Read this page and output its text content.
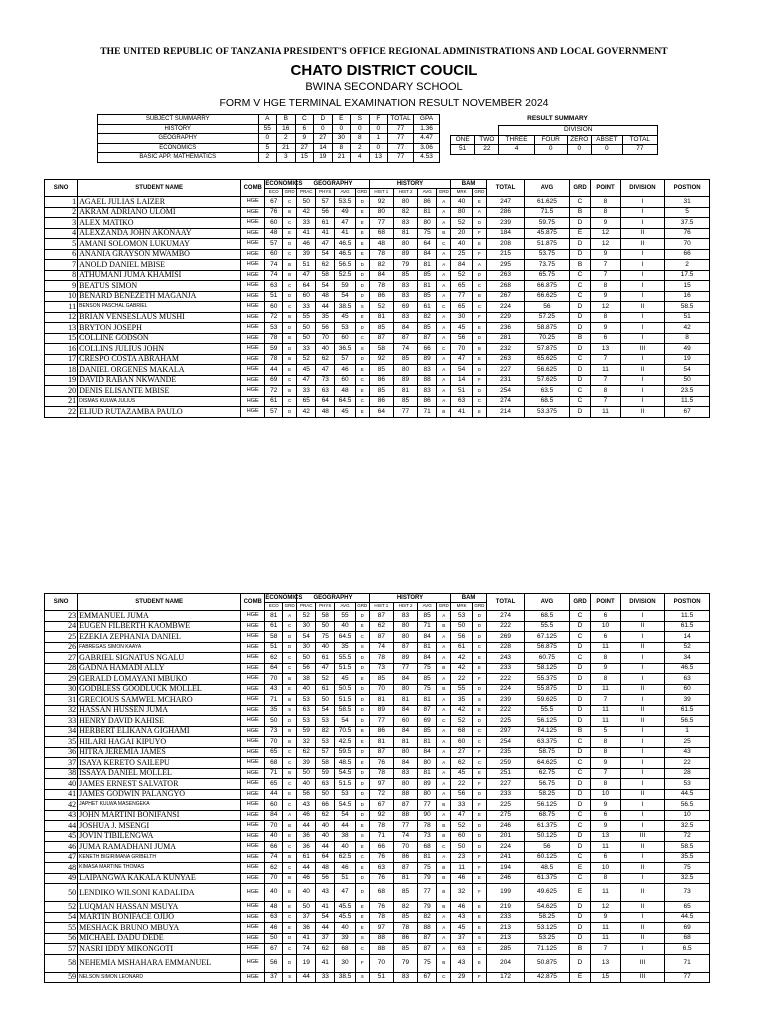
THE UNITED REPUBLIC OF TANZANIA PRESIDENT'S OFFICE REGIONAL ADMINISTRATIONS AND LOCAL GOVERNMENT
CHATO DISTRICT COUCIL
BWINA SECONDARY SCHOOL
FORM V HGE TERMINAL EXAMINATION RESULT NOVEMBER 2024
SUBJECT SUMMARRY	A	B	C	D	E	S	F	TOTAL	GPA
HISTORY	55	16	6	0	0	0	0	77	1.36
GEOGRAPHY	0	2	9	27	30	8	1	77	4.47
ECONOMICS	5	21	27	14	8	2	0	77	3.06
BASIC APP. MATHEMATICS	2	3	15	19	21	4	13	77	4.53
RESULT SUMMARY
		DIVISION				
ONE	TWO	THREE	FOUR	ZERO	ABSET	TOTAL
51	22	4	0	0	0	77
S/NO	STUDENT NAME	COMB	ECONOMICS		GEOGRAPHY				HISTORY				BAM		TOTAL	AVG	GRD	POINT	DIVISION	POSTION
			ECO	GRD	PRAC	PHYS	AVG	GRD	HIST 1	HIST 2	AVG	GRD	MRK	GRD						
1	AGAEL JULIAS LAIZER	HGE	67	C	50	57	53.5	D	92	80	86	A	40	E	247	61.625	C	8	I	31
2	AKRAM ADRIANO ULOMI	HGE	76	B	42	56	49	E	80	82	81	A	80	A	286	71.5	B	8	I	5
3	ALEX MATIKO	HGE	60	C	33	61	47	E	77	83	80	A	52	D	239	59.75	D	9	I	37.5
4	ALEXZANDA JOHN AKONAAY	HGE	48	E	41	41	41	E	68	81	75	B	20	F	184	45.875	E	12	II	76
5	AMANI SOLOMON LUKUMAY	HGE	57	D	46	47	46.5	E	48	80	64	C	40	E	208	51.875	D	12	II	70
6	ANANIA GRAYSON MWAMBO	HGE	60	C	39	54	46.5	E	78	89	84	A	25	F	215	53.75	D	9	I	66
7	ANOLD DANIEL MBISE	HGE	74	B	51	62	56.5	D	82	79	81	A	84	A	295	73.75	B	7	I	2
8	ATHUMANI JUMA KHAMISI	HGE	74	B	47	58	52.5	D	84	85	85	A	52	D	263	65.75	C	7	I	17.5
9	BEATUS SIMON	HGE	63	C	64	54	59	D	78	83	81	A	65	C	268	66.875	C	8	I	15
10	BENARD BENEZETH MAGANJA	HGE	51	D	60	48	54	D	86	83	85	A	77	B	267	66.625	C	9	I	16
11	BENSON PASCHAL GABRIEL	HGE	60	C	33	44	38.5	S	52	69	61	C	65	C	224	56	D	12	II	58.5
12	BRIAN VENSESLAUS MUSHI	HGE	72	B	55	35	45	E	81	83	82	A	30	F	229	57.25	D	8	I	51
13	BRYTON JOSEPH	HGE	53	D	50	56	53	D	85	84	85	A	45	E	236	58.875	D	9	I	42
15	COLLINE GODSON	HGE	78	B	50	70	60	C	87	87	87	A	56	D	281	70.25	B	6	I	8
16	COLLINS JULIUS JOHN	HGE	59	D	33	40	36.5	S	58	74	66	C	70	B	232	57.875	D	13	III	49
17	CRESPO COSTA ABRAHAM	HGE	78	B	52	62	57	D	92	85	89	A	47	E	263	65.625	C	7	I	19
18	DANIEL ORGENES MAKALA	HGE	44	E	45	47	46	E	85	80	83	A	54	D	227	56.625	D	11	II	54
19	DAVID RABAN NKWANDE	HGE	69	C	47	73	60	C	86	89	88	A	14	F	231	57.625	D	7	I	50
20	DENIS ELISANTE MBISE	HGE	72	B	33	63	48	E	85	81	83	A	51	D	254	63.5	C	8	I	23.5
21	DISMAS KULWA JULIUS	HGE	61	C	65	64	64.5	C	86	85	86	A	63	C	274	68.5	C	7	I	11.5
22	ELIUD RUTAZAMBA PAULO	HGE	57	D	42	48	45	E	64	77	71	B	41	E	214	53.375	D	11	II	67
S/NO	STUDENT NAME	COMB	ECONOMICS		GEOGRAPHY				HISTORY				BAM		TOTAL	AVG	GRD	POINT	DIVISION	POSTION
			ECO	GRD	PRAC	PHYS	AVG	GRD	HIST 1	HIST 2	AVG	GRD	MRK	GRD						
23	EMMANUEL JUMA	HGE	81	A	52	58	55	D	87	83	85	A	53	D	274	68.5	C	6	I	11.5
24	EUGEN FILBERTH KAOMBWE	HGE	61	C	30	50	40	E	62	80	71	B	50	D	222	55.5	D	10	II	61.5
25	EZEKIA ZEPHANIA DANIEL	HGE	58	D	54	75	64.5	C	87	80	84	A	56	D	269	67.125	C	6	I	14
26	FABREGAS SIMON KAAYA	HGE	51	D	30	40	35	S	74	87	81	A	61	C	228	56.875	D	11	II	52
27	GABRIEL SIGNATUS NGALU	HGE	62	C	50	61	55.5	D	78	89	84	A	42	E	243	60.75	C	8	I	34
28	GADNA HAMADI ALLY	HGE	64	C	56	47	51.5	D	73	77	75	B	42	E	233	58.125	D	9	I	46.5
29	GERALD LOMAYANI MBUKO	HGE	70	B	38	52	45	E	85	84	85	A	22	F	222	55.375	D	8	I	63
30	GODBLESS GOODLUCK MOLLEL	HGE	43	E	40	61	50.5	D	70	80	75	B	55	D	224	55.875	D	11	II	60
31	GRECIOUS SAMWEL MCHARO	HGE	71	B	53	50	51.5	D	81	81	81	A	35	S	239	59.625	D	7	I	39
32	HASSAN HUSSEN JUMA	HGE	35	S	63	54	58.5	D	89	84	87	A	42	E	222	55.5	D	11	II	61.5
33	HENRY DAVID KAHISE	HGE	50	D	53	53	54	D	77	60	69	C	52	D	225	56.125	D	11	II	56.5
34	HERBERT ELIKANA GIGHAMI	HGE	73	B	59	82	70.5	B	86	84	85	A	68	C	297	74.125	B	5	I	1
35	HILARI HAGAI KIPUYO	HGE	70	B	32	53	42.5	E	81	81	81	A	60	C	254	63.375	C	8	I	25
36	HITRA JEREMIA JAMES	HGE	65	C	62	57	59.5	D	87	80	84	A	27	F	235	58.75	D	8	I	43
37	ISAYA KERETO SAILEPU	HGE	68	C	39	58	48.5	E	76	84	80	A	62	C	259	64.625	C	9	I	22
38	ISSAYA DANIEL MOLLEL	HGE	71	B	50	59	54.5	D	78	83	81	A	45	E	251	62.75	C	7	I	28
40	JAMES ERNEST SALVATOR	HGE	65	C	40	63	51.5	D	97	80	89	A	22	F	227	56.75	D	8	I	53
41	JAMES GODWIN PALANGYO	HGE	44	E	56	50	53	D	72	88	80	A	56	D	233	58.25	D	10	II	44.5
42	JAPHET KULWA MASENGEKA	HGE	60	C	43	66	54.5	D	67	87	77	B	33	F	225	56.125	D	9	I	56.5
43	JOHN MARTINI BONIFANSI	HGE	84	A	46	62	54	D	92	88	90	A	47	E	275	68.75	C	6	I	10
44	JOSHUA J. MSENGI	HGE	70	B	44	40	44	E	78	77	78	B	52	D	246	61.375	C	9	I	32.5
45	JOVIN TIBILENGWA	HGE	40	E	36	40	38	S	71	74	73	B	60	D	201	50.125	D	13	III	72
46	JUMA RAMADHANI JUMA	HGE	66	C	36	44	40	E	66	70	68	C	50	D	224	56	D	11	II	58.5
47	KENETH BIGIRIMANA GRIBELTH	HGE	74	B	61	64	62.5	C	76	86	81	A	23	F	241	60.125	C	6	I	35.5
48	KIMASA MARTINE THOMAS	HGE	62	C	44	48	46	E	63	87	75	B	11	F	194	48.5	E	10	II	75
49	LAIPANGWA KAKALA KUNYAE	HGE	70	B	46	56	51	D	76	81	79	B	46	E	246	61.375	C	8	I	32.5
50	LENDIKO WILSONI KADALIDA	HGE	40	E	40	43	47	D	68	85	77	B	32	F	199	49.625	E	11	II	73
52	LUQMAN HASSAN MSUYA	HGE	48	E	50	41	45.5	E	76	82	79	B	46	E	219	54.625	D	12	II	65
54	MARTIN BONIFACE OJIJO	HGE	63	C	37	54	45.5	E	78	85	82	A	43	E	233	58.25	D	9	I	44.5
55	MESHACK BRUNO MBUYA	HGE	46	E	36	44	40	E	97	78	88	A	45	E	213	53.125	D	11	II	69
56	MICHAEL DADU DEDE	HGE	50	D	41	37	39	S	88	86	87	A	37	S	213	53.25	D	11	II	68
57	NASRI IDDY MIKONGOTI	HGE	67	C	74	62	68	C	88	85	87	A	63	C	285	71.125	B	7	I	6.5
58	NEHEMIA MSHAHARA EMMANUEL	HGE	56	D	19	41	30	F	70	79	75	B	43	E	204	50.875	D	13	III	71
59	NELSON SIMON LEONARD	HGE	37	S	44	33	38.5	S	51	83	67	C	29	F	172	42.875	E	15	III	77
